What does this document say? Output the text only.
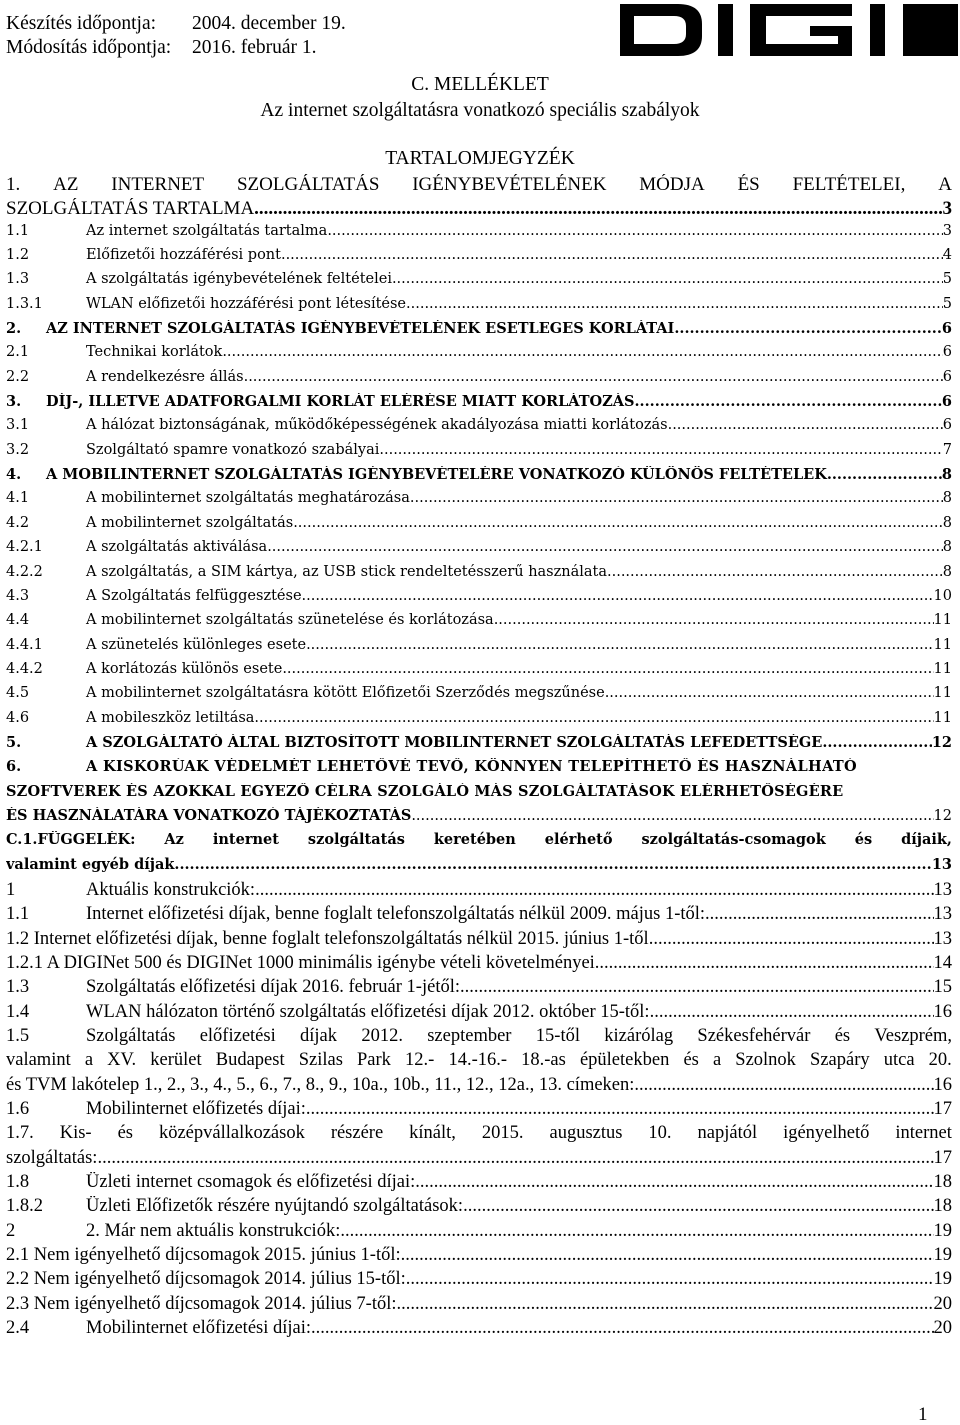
Készítés időpontja: 2004. december 19.
Módosítás időpontja: 2016. február 1.
C. MELLÉKLET
Az internet szolgáltatásra vonatkozó speciális szabályok
TARTALOMJEGYZÉK
1. AZ INTERNET SZOLGÁLTATÁS IGÉNYBEVÉTELÉNEK MÓDJA ÉS FELTÉTELEI, A
SZOLGÁLTATÁS TARTALMA .....	3
1.1	Az internet szolgáltatás tartalma .....	3
1.2	Előfizetői hozzáférési pont .....	4
1.3	A szolgáltatás igénybevételének feltételei .....	5
1.3.1	WLAN előfizetői hozzáférési pont létesítése .....	5
2.	AZ INTERNET SZOLGÁLTATÁS IGÉNYBEVÉTELÉNEK ESETLEGES KORLÁTAI .....	6
2.1	Technikai korlátok .....	6
2.2	A rendelkezésre állás .....	6
3.	DÍJ-, ILLETVE ADATFORGALMI KORLÁT ELÉRÉSE MIATT KORLÁTOZÁS .....	6
3.1	A hálózat biztonságának, működőképességének akadályozása miatti korlátozás .....	6
3.2	Szolgáltató spamre vonatkozó szabályai .....	7
4.	A MOBILINTERNET SZOLGÁLTATÁS IGÉNYBEVÉTELÉRE VONATKOZÓ KÜLÖNÖS FELTÉTELEK .....	8
4.1	A mobilinternet szolgáltatás meghatározása .....	8
4.2	A mobilinternet szolgáltatás .....	8
4.2.1	A szolgáltatás aktiválása .....	8
4.2.2	A szolgáltatás, a SIM kártya, az USB stick rendeltetésszerű használata .....	8
4.3	A Szolgáltatás felfüggesztése .....	10
4.4	A mobilinternet szolgáltatás szünetelése és korlátozása .....	11
4.4.1	A szünetelés különleges esete .....	11
4.4.2	A korlátozás különös esete .....	11
4.5	A mobilinternet szolgáltatásra kötött Előfizetői Szerződés megszűnése .....	11
4.6	A mobileszköz letiltása .....	11
5.	A SZOLGÁLTATÓ ÁLTAL BIZTOSÍTOTT MOBILINTERNET SZOLGÁLTATÁS LEFEDETTSÉGE .....	12
6.	A KISKORÚAK VÉDELMÉT LEHETŐVÉ TEVŐ, KÖNNYEN TELEPÍTHETŐ ÉS HASZNÁLHATÓ
SZOFTVEREK ÉS AZOKKAL EGYEZŐ CÉLRA SZOLGÁLÓ MÁS SZOLGÁLTATÁSOK ELÉRHETŐSÉGÉRE
ÉS HASZNÁLATÁRA VONATKOZÓ TÁJÉKOZTATÁS .....	12
C.1.FÜGGELÉK: Az internet szolgáltatás keretében elérhető szolgáltatás-csomagok és díjaik,
valamint egyéb díjak .....	13
1	Aktuális konstrukciók: .....	13
1.1	Internet előfizetési díjak, benne foglalt telefonszolgáltatás nélkül 2009. május 1-től: .....	13
1.2 Internet előfizetési díjak, benne foglalt telefonszolgáltatás nélkül 2015. június 1-től .....	13
1.2.1 A DIGINet 500 és DIGINet 1000 minimális igénybe vételi követelményei .....	14
1.3	Szolgáltatás előfizetési díjak 2016. február 1-jétől: .....	15
1.4	WLAN hálózaton történő szolgáltatás előfizetési díjak 2012. október 15-től: .....	16
1.5	Szolgáltatás előfizetési díjak 2012. szeptember 15-től kizárólag Székesfehérvár és Veszprém,
valamint a XV. kerület Budapest Szilas Park 12.- 14.-16.- 18.-as épületekben és a Szolnok Szapáry utca 20.
és TVM lakótelep 1., 2., 3., 4., 5., 6., 7., 8., 9., 10a., 10b., 11., 12., 12a., 13. címeken: .....	16
1.6	Mobilinternet előfizetés díjai: .....	17
1.7. Kis- és középvállalkozások részére kínált, 2015. augusztus 10. napjától igényelhető internet
szolgáltatás: .....	17
1.8	Üzleti internet csomagok és előfizetési díjai: .....	18
1.8.2	Üzleti Előfizetők részére nyújtandó szolgáltatások: .....	18
2	2. Már nem aktuális konstrukciók: .....	19
2.1 Nem igényelhető díjcsomagok 2015. június 1-től: .....	19
2.2 Nem igényelhető díjcsomagok 2014. július 15-től: .....	19
2.3 Nem igényelhető díjcsomagok 2014. július 7-től: .....	20
2.4	Mobilinternet előfizetési díjai: .....	20
1
